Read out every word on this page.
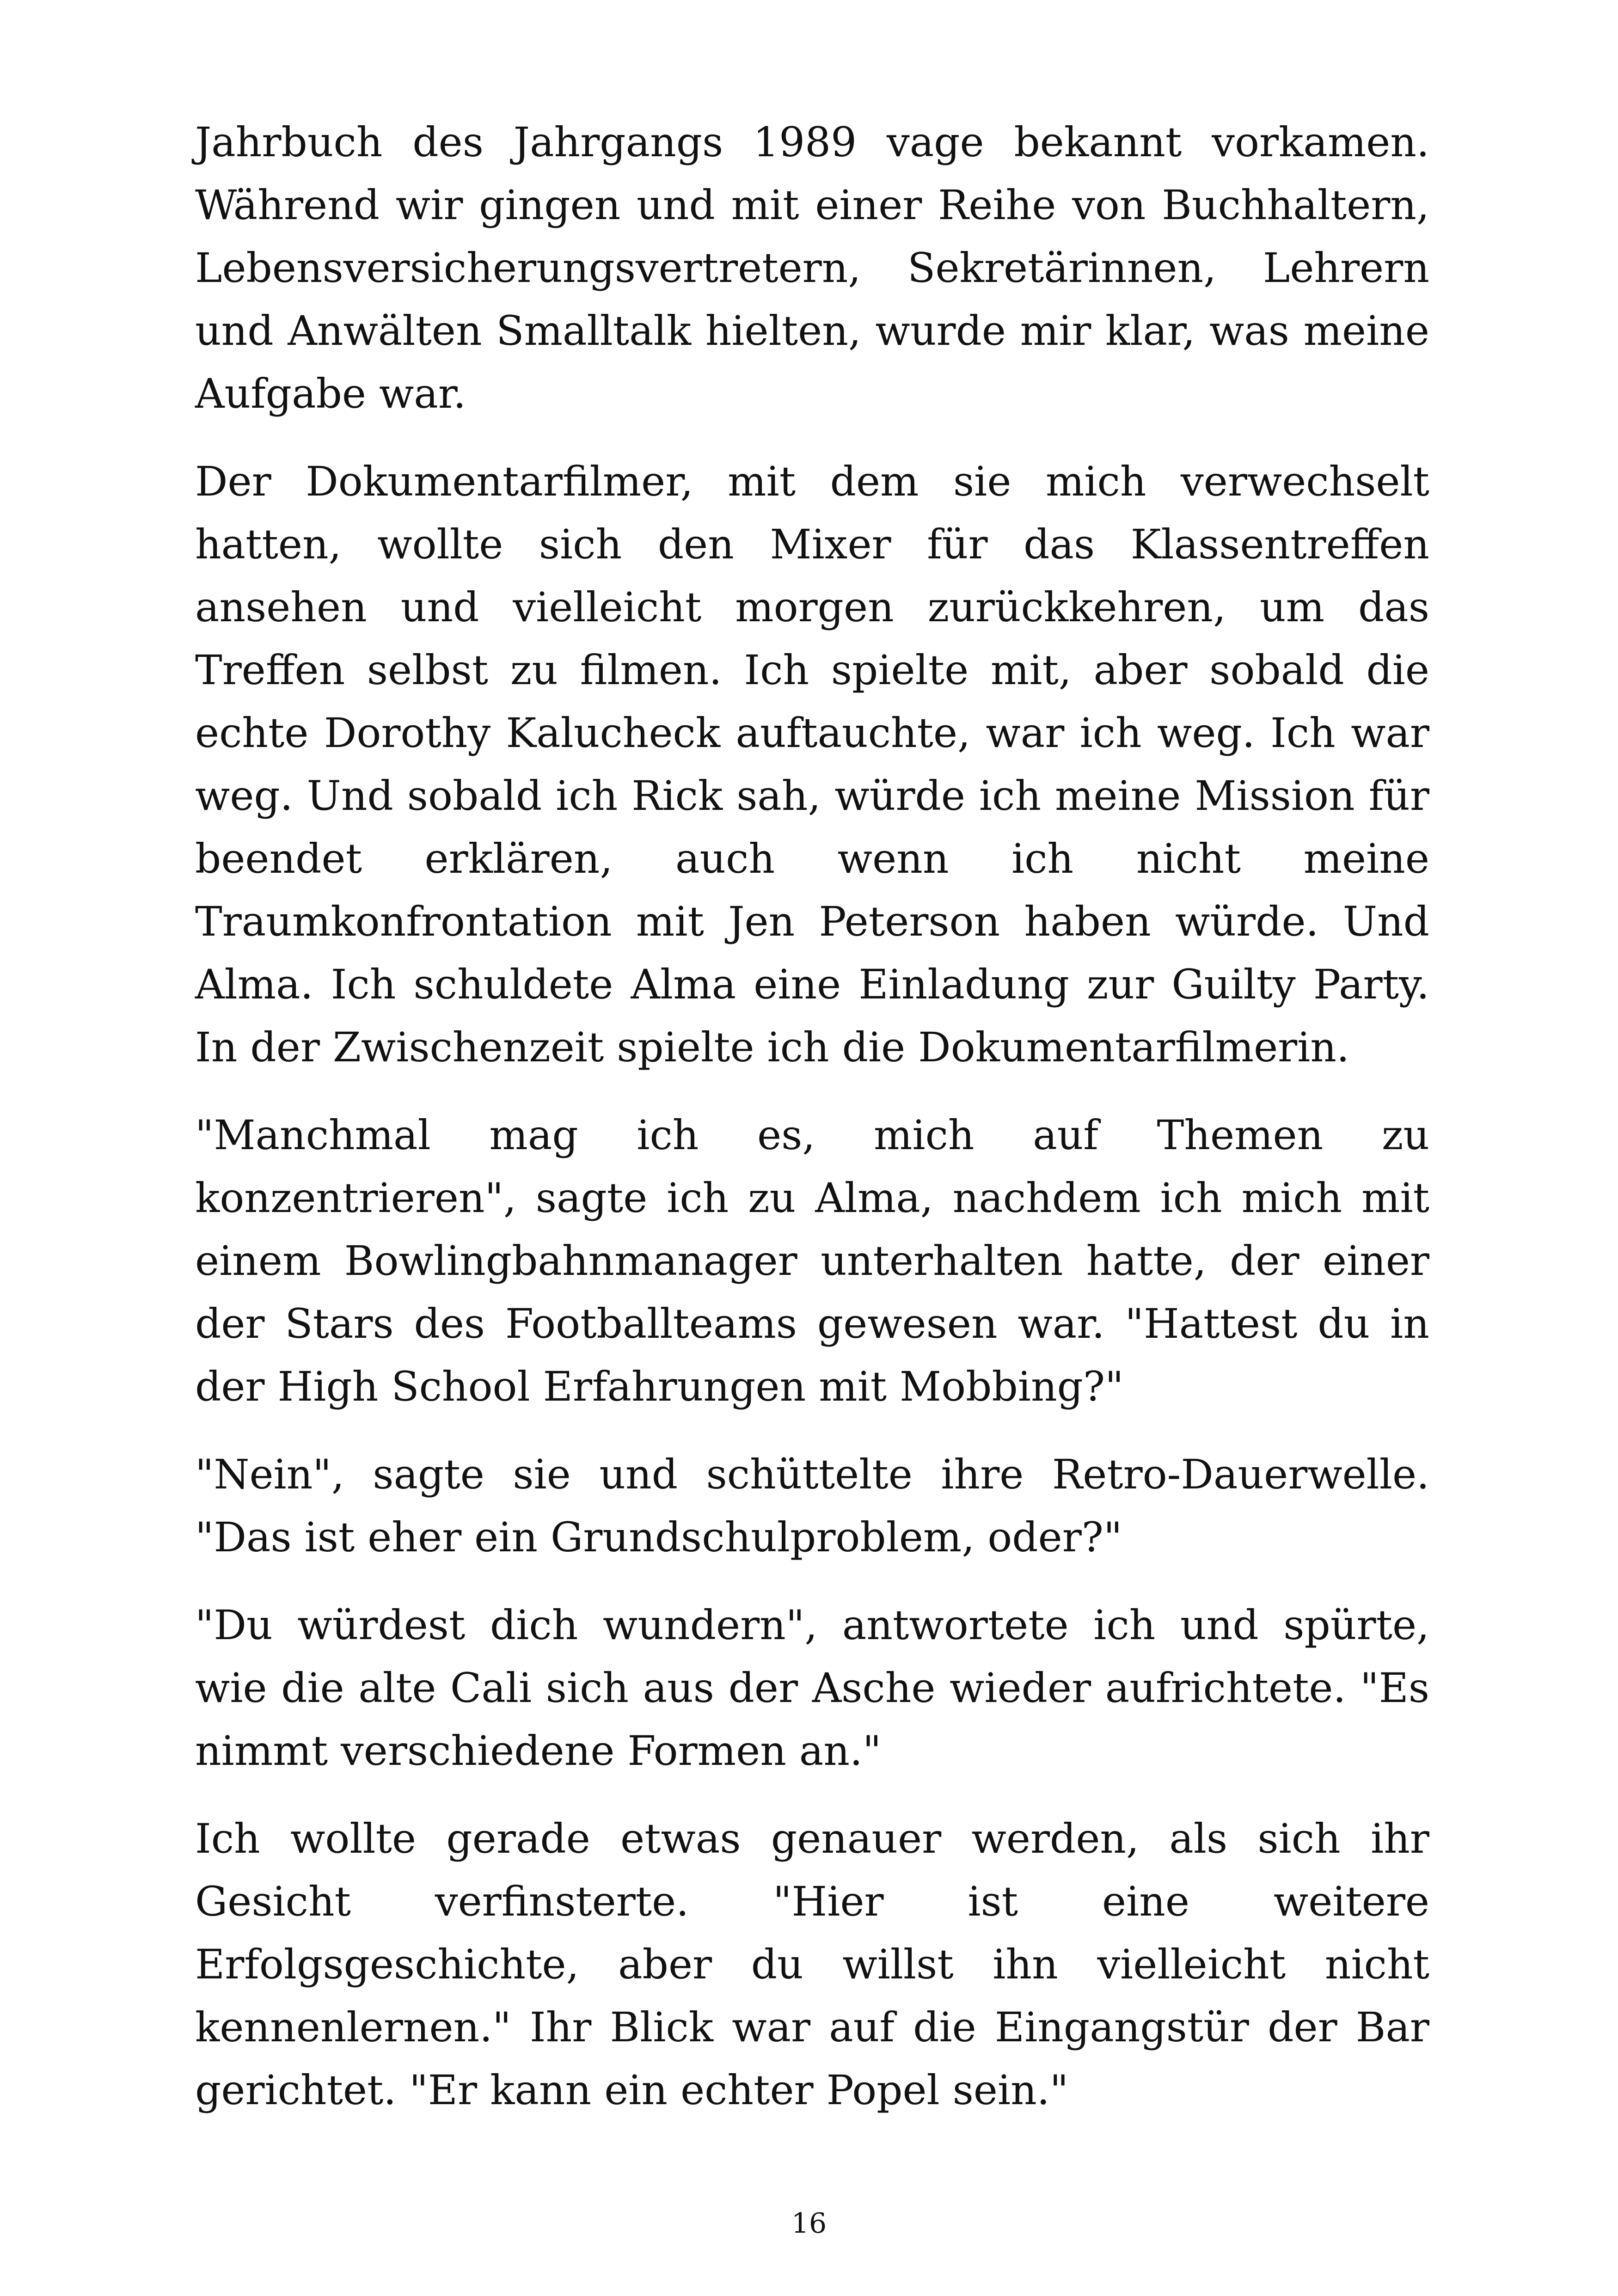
Jahrbuch des Jahrgangs 1989 vage bekannt vorkamen. Während wir gingen und mit einer Reihe von Buchhaltern, Lebensversicherungsvertretern, Sekretärinnen, Lehrern und Anwälten Smalltalk hielten, wurde mir klar, was meine Aufgabe war.

Der Dokumentarfilmer, mit dem sie mich verwechselt hatten, wollte sich den Mixer für das Klassentreffen ansehen und vielleicht morgen zurückkehren, um das Treffen selbst zu filmen. Ich spielte mit, aber sobald die echte Dorothy Kalucheck auftauchte, war ich weg. Ich war weg. Und sobald ich Rick sah, würde ich meine Mission für beendet erklären, auch wenn ich nicht meine Traumkonfrontation mit Jen Peterson haben würde. Und Alma. Ich schuldete Alma eine Einladung zur Guilty Party. In der Zwischenzeit spielte ich die Dokumentarfilmerin.

"Manchmal mag ich es, mich auf Themen zu konzentrieren", sagte ich zu Alma, nachdem ich mich mit einem Bowlingbahnmanager unterhalten hatte, der einer der Stars des Footballteams gewesen war. "Hattest du in der High School Erfahrungen mit Mobbing?"

"Nein", sagte sie und schüttelte ihre Retro-Dauerwelle. "Das ist eher ein Grundschulproblem, oder?"

"Du würdest dich wundern", antwortete ich und spürte, wie die alte Cali sich aus der Asche wieder aufrichtete. "Es nimmt verschiedene Formen an."

Ich wollte gerade etwas genauer werden, als sich ihr Gesicht verfinsterte. "Hier ist eine weitere Erfolgsgeschichte, aber du willst ihn vielleicht nicht kennenlernen." Ihr Blick war auf die Eingangstür der Bar gerichtet. "Er kann ein echter Popel sein."

16
